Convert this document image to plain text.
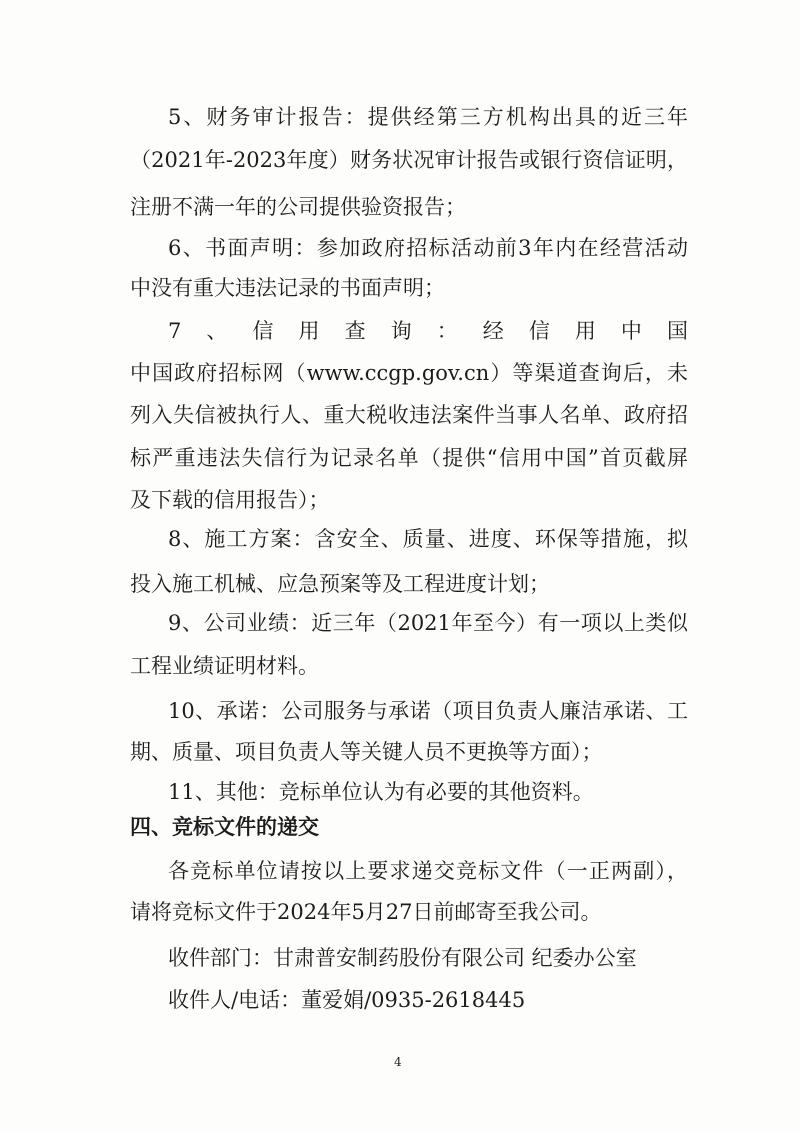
5、财务审计报告：提供经第三方机构出具的近三年
（2021年-2023年度）财务状况审计报告或银行资信证明，
注册不满一年的公司提供验资报告；
6、书面声明：参加政府招标活动前3年内在经营活动
中没有重大违法记录的书面声明；
7、信用查询：经信用中国
中国政府招标网（www.ccgp.gov.cn）等渠道查询后，未
列入失信被执行人、重大税收违法案件当事人名单、政府招
标严重违法失信行为记录名单（提供“信用中国”首页截屏
及下载的信用报告）；
8、施工方案：含安全、质量、进度、环保等措施，拟
投入施工机械、应急预案等及工程进度计划；
9、公司业绩：近三年（2021年至今）有一项以上类似
工程业绩证明材料。
10、承诺：公司服务与承诺（项目负责人廉洁承诺、工
期、质量、项目负责人等关键人员不更换等方面）；
11、其他：竞标单位认为有必要的其他资料。
四、竞标文件的递交
各竞标单位请按以上要求递交竞标文件（一正两副），
请将竞标文件于2024年5月27日前邮寄至我公司。
收件部门：甘肃普安制药股份有限公司 纪委办公室
收件人/电话：董爱娟/0935-2618445
4
